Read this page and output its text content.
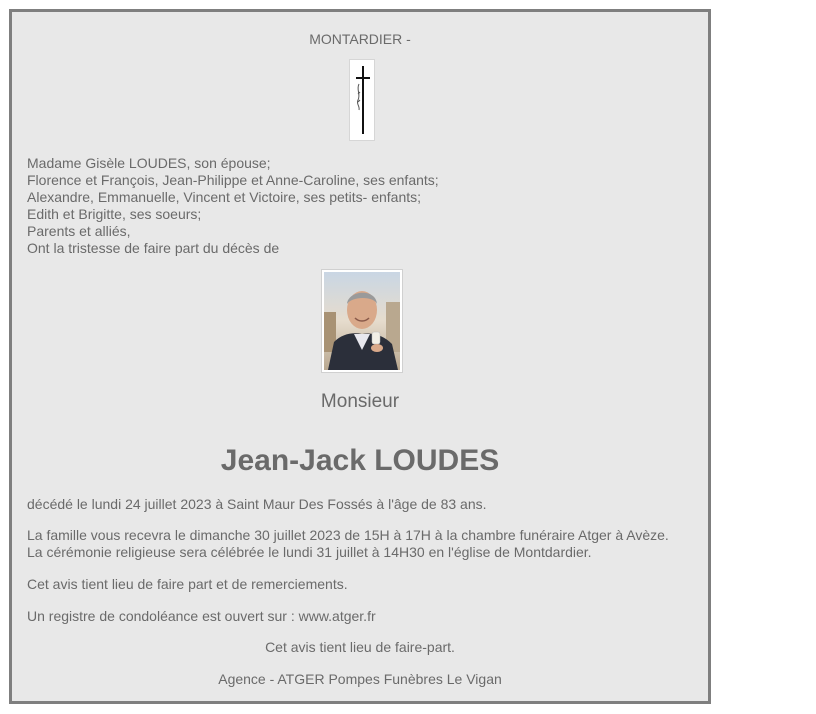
MONTARDIER -
Madame Gisèle LOUDES, son épouse;
Florence et François, Jean-Philippe et Anne-Caroline, ses enfants;
Alexandre, Emmanuelle, Vincent et Victoire, ses petits- enfants;
Edith et Brigitte, ses soeurs;
Parents et alliés,
Ont la tristesse de faire part du décès de
Monsieur
Jean-Jack LOUDES
décédé le lundi 24 juillet 2023 à Saint Maur Des Fossés à l'âge de 83 ans.
La famille vous recevra le dimanche 30 juillet 2023 de 15H à 17H à la chambre funéraire Atger à Avèze.
La cérémonie religieuse sera célébrée le lundi 31 juillet à 14H30 en l'église de Montdardier.
Cet avis tient lieu de faire part et de remerciements.
Un registre de condoléance est ouvert sur : www.atger.fr
Cet avis tient lieu de faire-part.
Agence - ATGER Pompes Funèbres Le Vigan
